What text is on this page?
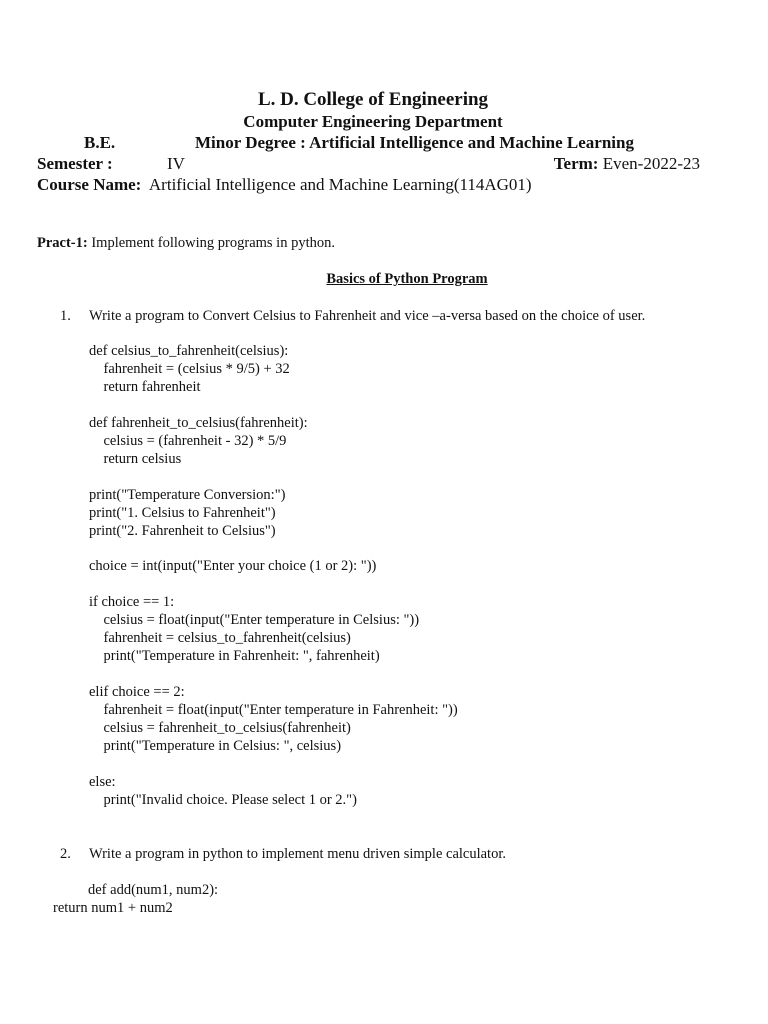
L. D. College of Engineering
Computer Engineering Department
B.E.	Minor Degree : Artificial Intelligence and Machine Learning
Semester :	IV	Term: Even-2022-23
Course Name: Artificial Intelligence and Machine Learning(114AG01)
Pract-1: Implement following programs in python.
Basics of Python Program
1. Write a program to Convert Celsius to Fahrenheit and vice –a-versa based on the choice of user.
def celsius_to_fahrenheit(celsius):
fahrenheit = (celsius * 9/5) + 32
return fahrenheit
def fahrenheit_to_celsius(fahrenheit):
celsius = (fahrenheit - 32) * 5/9
return celsius
print("Temperature Conversion:")
print("1. Celsius to Fahrenheit")
print("2. Fahrenheit to Celsius")
choice = int(input("Enter your choice (1 or 2): "))
if choice == 1:
celsius = float(input("Enter temperature in Celsius: "))
fahrenheit = celsius_to_fahrenheit(celsius)
print("Temperature in Fahrenheit: ", fahrenheit)
elif choice == 2:
fahrenheit = float(input("Enter temperature in Fahrenheit: "))
celsius = fahrenheit_to_celsius(fahrenheit)
print("Temperature in Celsius: ", celsius)
else:
print("Invalid choice. Please select 1 or 2.")
2. Write a program in python to implement menu driven simple calculator.
def add(num1, num2):
return num1 + num2
